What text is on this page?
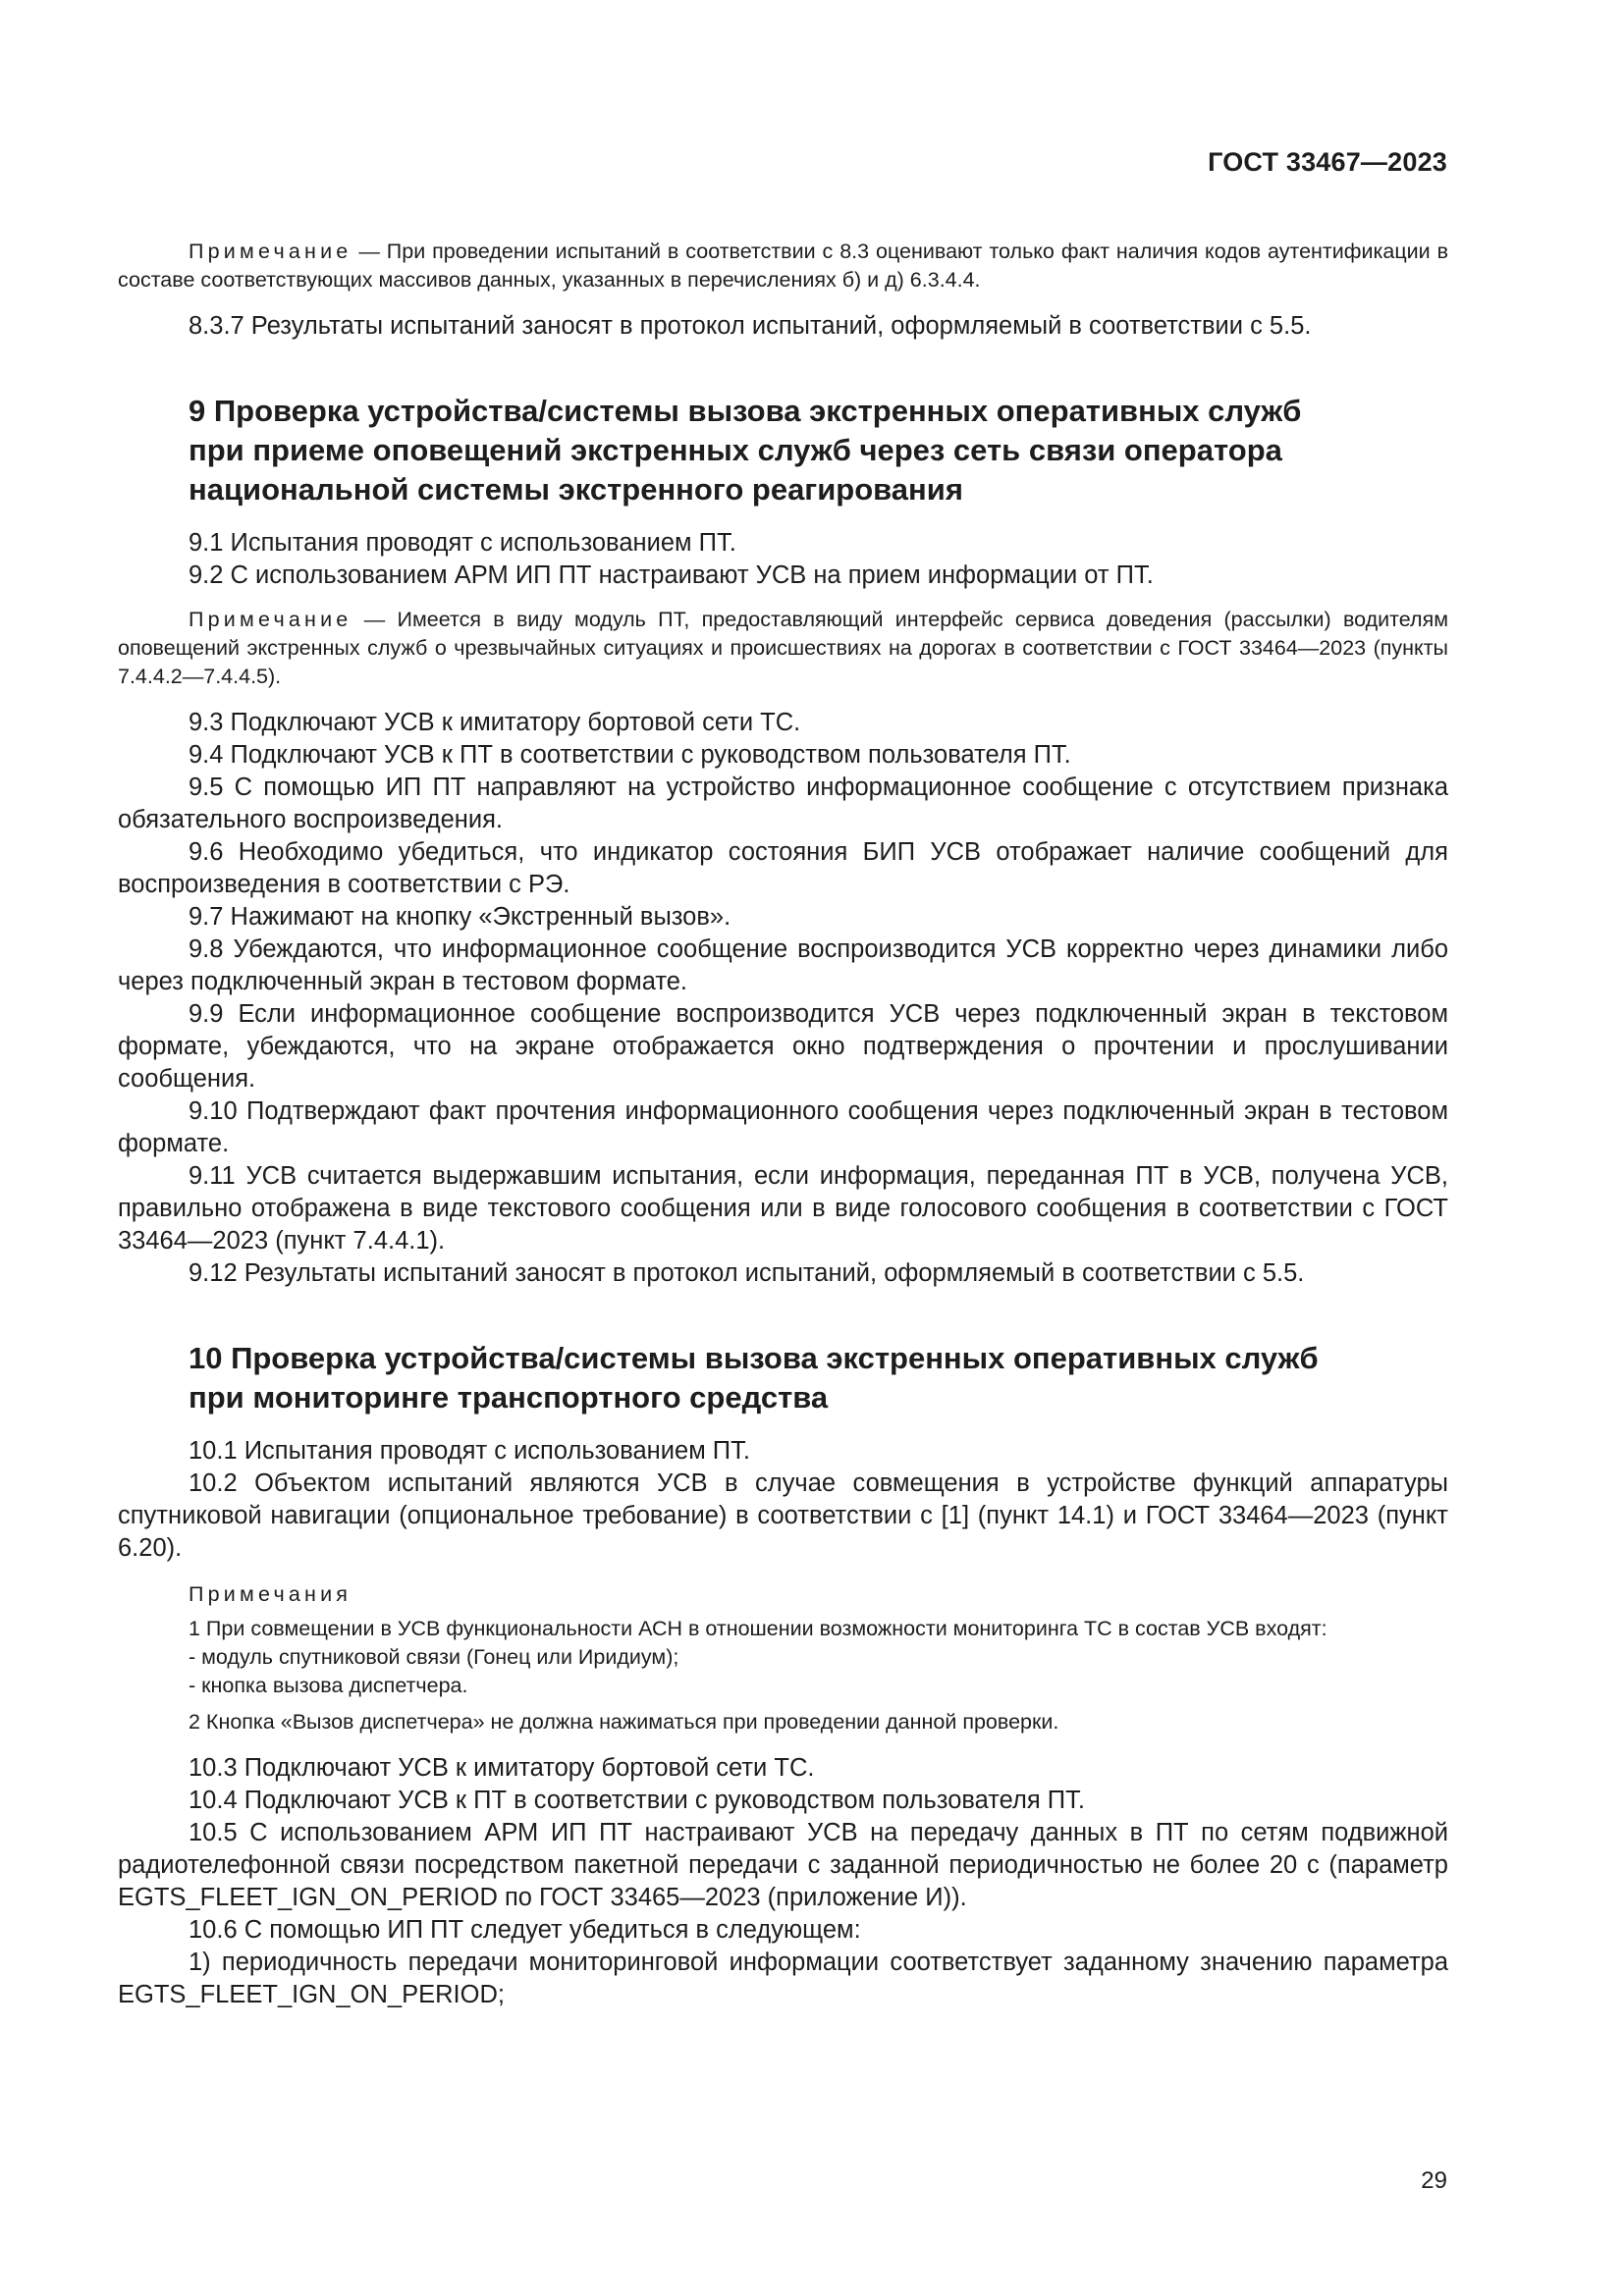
ГОСТ 33467—2023

Примечание — При проведении испытаний в соответствии с 8.3 оценивают только факт наличия кодов аутентификации в составе соответствующих массивов данных, указанных в перечислениях б) и д) 6.3.4.4.

8.3.7 Результаты испытаний заносят в протокол испытаний, оформляемый в соответствии с 5.5.

9 Проверка устройства/системы вызова экстренных оперативных служб
при приеме оповещений экстренных служб через сеть связи оператора
национальной системы экстренного реагирования

9.1 Испытания проводят с использованием ПТ.

9.2 С использованием АРМ ИП ПТ настраивают УСВ на прием информации от ПТ.

Примечание — Имеется в виду модуль ПТ, предоставляющий интерфейс сервиса доведения (рассылки) водителям оповещений экстренных служб о чрезвычайных ситуациях и происшествиях на дорогах в соответствии с ГОСТ 33464—2023 (пункты 7.4.4.2—7.4.4.5).

9.3 Подключают УСВ к имитатору бортовой сети ТС.

9.4 Подключают УСВ к ПТ в соответствии с руководством пользователя ПТ.

9.5 С помощью ИП ПТ направляют на устройство информационное сообщение с отсутствием признака обязательного воспроизведения.

9.6 Необходимо убедиться, что индикатор состояния БИП УСВ отображает наличие сообщений для воспроизведения в соответствии с РЭ.

9.7 Нажимают на кнопку «Экстренный вызов».

9.8 Убеждаются, что информационное сообщение воспроизводится УСВ корректно через динамики либо через подключенный экран в тестовом формате.

9.9 Если информационное сообщение воспроизводится УСВ через подключенный экран в текстовом формате, убеждаются, что на экране отображается окно подтверждения о прочтении и прослушивании сообщения.

9.10 Подтверждают факт прочтения информационного сообщения через подключенный экран в тестовом формате.

9.11 УСВ считается выдержавшим испытания, если информация, переданная ПТ в УСВ, получена УСВ, правильно отображена в виде текстового сообщения или в виде голосового сообщения в соответствии с ГОСТ 33464—2023 (пункт 7.4.4.1).

9.12 Результаты испытаний заносят в протокол испытаний, оформляемый в соответствии с 5.5.

10 Проверка устройства/системы вызова экстренных оперативных служб
при мониторинге транспортного средства

10.1 Испытания проводят с использованием ПТ.

10.2 Объектом испытаний являются УСВ в случае совмещения в устройстве функций аппаратуры спутниковой навигации (опциональное требование) в соответствии с [1] (пункт 14.1) и ГОСТ 33464—2023 (пункт 6.20).

Примечания

1 При совмещении в УСВ функциональности АСН в отношении возможности мониторинга ТС в состав УСВ входят:

- модуль спутниковой связи (Гонец или Иридиум);

- кнопка вызова диспетчера.

2 Кнопка «Вызов диспетчера» не должна нажиматься при проведении данной проверки.

10.3 Подключают УСВ к имитатору бортовой сети ТС.

10.4 Подключают УСВ к ПТ в соответствии с руководством пользователя ПТ.

10.5 С использованием АРМ ИП ПТ настраивают УСВ на передачу данных в ПТ по сетям подвижной радиотелефонной связи посредством пакетной передачи с заданной периодичностью не более 20 с (параметр EGTS_FLEET_IGN_ON_PERIOD по ГОСТ 33465—2023 (приложение И)).

10.6 С помощью ИП ПТ следует убедиться в следующем:

1) периодичность передачи мониторинговой информации соответствует заданному значению параметра EGTS_FLEET_IGN_ON_PERIOD;

29
